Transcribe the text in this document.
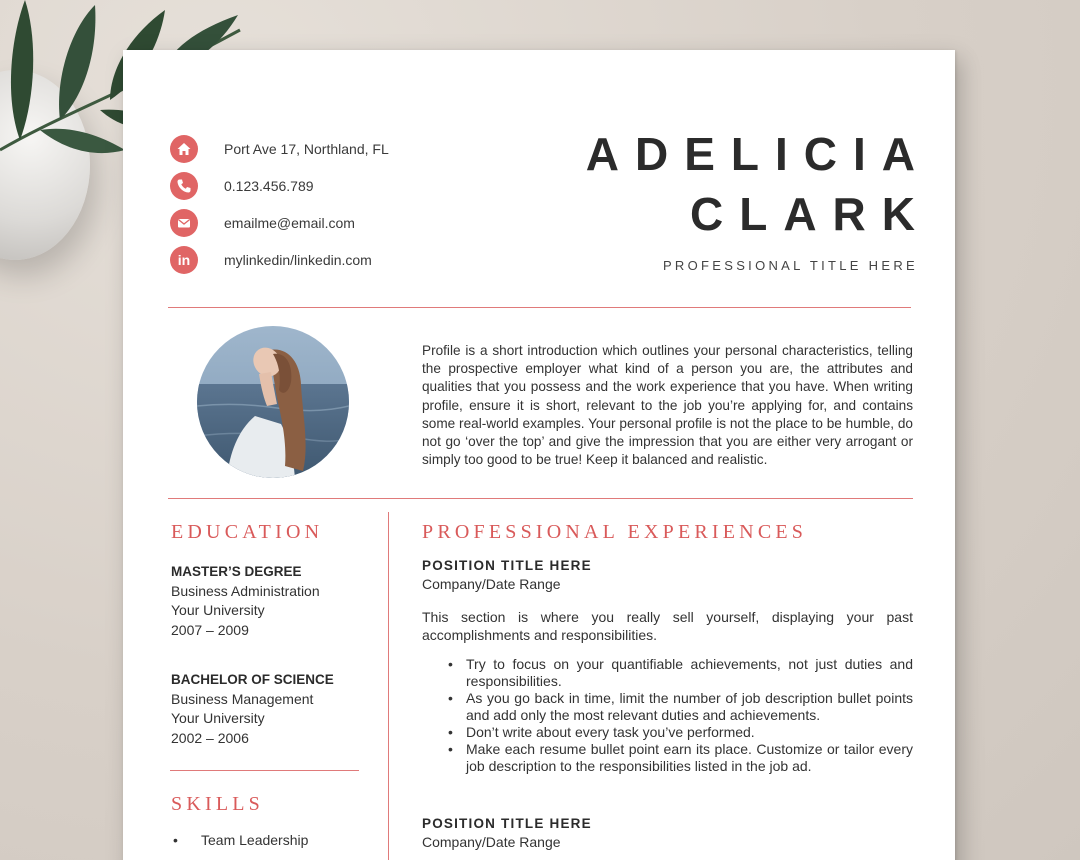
Port Ave 17, Northland, FL
0.123.456.789
emailme@email.com
in	mylinkedin/linkedin.com
ADELICIA
CLARK
PROFESSIONAL TITLE HERE
Profile is a short introduction which outlines your personal characteristics, telling the prospective employer what kind of a person you are, the attributes and qualities that you possess and the work experience that you have. When writing profile, ensure it is short, relevant to the job you’re applying for, and contains some real-world examples. Your personal profile is not the place to be humble, do not go ‘over the top’ and give the impression that you are either very arrogant or simply too good to be true! Keep it balanced and realistic.
EDUCATION
MASTER’S DEGREE
Business Administration
Your University
2007 – 2009
BACHELOR OF SCIENCE
Business Management
Your University
2002 – 2006
SKILLS
• Team Leadership
PROFESSIONAL EXPERIENCES
POSITION TITLE HERE
Company/Date Range
This section is where you really sell yourself, displaying your past accomplishments and responsibilities.
• Try to focus on your quantifiable achievements, not just duties and responsibilities.
• As you go back in time, limit the number of job description bullet points and add only the most relevant duties and achievements.
• Don’t write about every task you’ve performed.
• Make each resume bullet point earn its place. Customize or tailor every job description to the responsibilities listed in the job ad.
POSITION TITLE HERE
Company/Date Range
